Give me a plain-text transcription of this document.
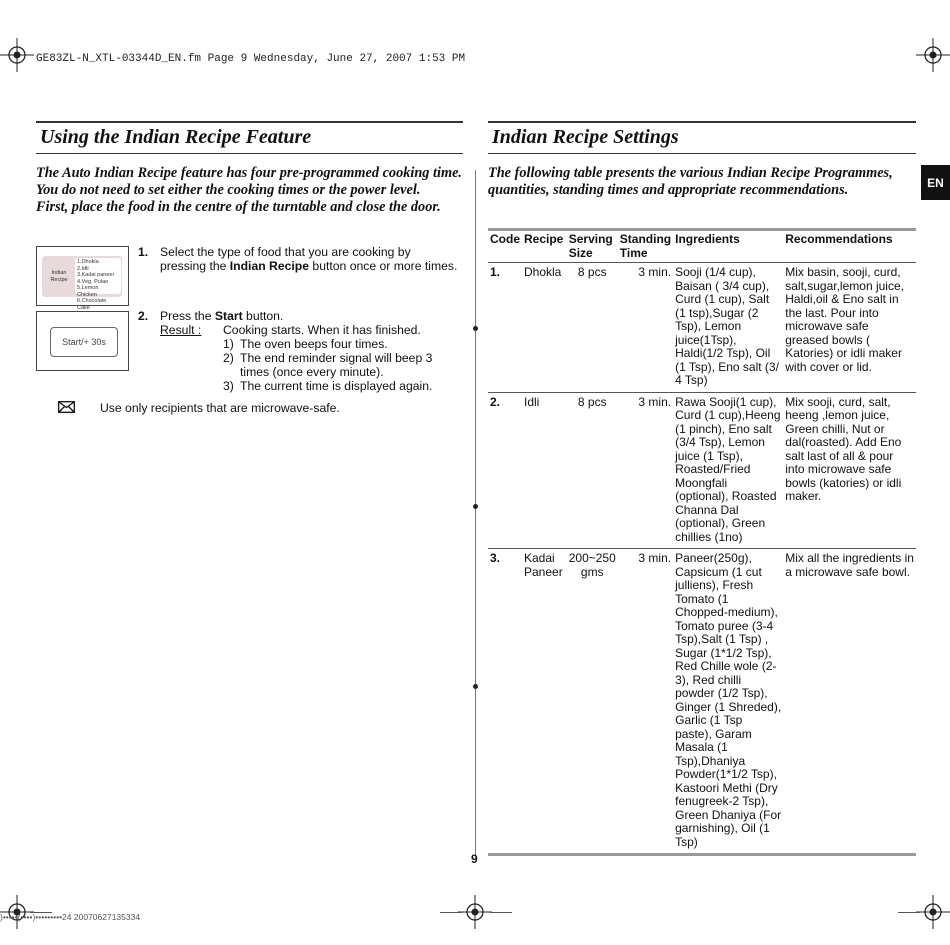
GE83ZL-N_XTL-03344D_EN.fm Page 9 Wednesday, June 27, 2007 1:53 PM
)•••••(••••)•••••••••24 20070627135334
EN
Using the Indian Recipe Feature

The Auto Indian Recipe feature has four pre-programmed cooking time.

You do not need to set either the cooking times or the power level.

First, place the food in the centre of the turntable and close the door.

Indian Recipe
1.Dhokla
2.Idli
3.Kadai paneer
4.Veg. Pulao
5.Lemon Chicken
6.Chocolate Cake
Start/+ 30s
1. Select the type of food that you are cooking by pressing the Indian Recipe button once or more times.
2. Press the Start button.
Result : Cooking starts. When it has finished.
1) The oven beeps four times.
2) The end reminder signal will beep 3 times (once every minute).
3) The current time is displayed again.
Use only recipients that are microwave-safe.
Indian Recipe Settings
The following table presents the various Indian Recipe Programmes, quantities, standing times and appropriate recommendations.
Code	Recipe	Serving Size	Standing Time	Ingredients	Recommendations
1.	Dhokla	8 pcs	3 min.	Sooji (1/4 cup), Baisan ( 3/4 cup), Curd (1 cup), Salt (1 tsp),Sugar (2 Tsp), Lemon juice(1Tsp), Haldi(1/2 Tsp), Oil (1 Tsp), Eno salt (3/ 4 Tsp)	Mix basin, sooji, curd, salt,sugar,lemon juice, Haldi,oil & Eno salt in the last. Pour into microwave safe greased bowls ( Katories) or idli maker with cover or lid.
2.	Idli	8 pcs	3 min.	Rawa Sooji(1 cup), Curd (1 cup),Heeng (1 pinch), Eno salt (3/4 Tsp), Lemon juice (1 Tsp), Roasted/Fried Moongfali (optional), Roasted Channa Dal (optional), Green chillies (1no)	Mix sooji, curd, salt, heeng ,lemon juice, Green chilli, Nut or dal(roasted). Add Eno salt last of all & pour into microwave safe bowls (katories) or idli maker.
3.	Kadai Paneer	200~250 gms	3 min.	Paneer(250g), Capsicum (1 cut julliens), Fresh Tomato (1 Chopped-medium), Tomato puree (3-4 Tsp),Salt (1 Tsp) , Sugar (1*1/2 Tsp), Red Chille wole (2-3), Red chilli powder (1/2 Tsp), Ginger (1 Shreded), Garlic (1 Tsp paste), Garam Masala (1 Tsp),Dhaniya Powder(1*1/2 Tsp), Kastoori Methi (Dry fenugreek-2 Tsp), Green Dhaniya (For garnishing), Oil (1 Tsp)	Mix all the ingredients in a microwave safe bowl.
9
